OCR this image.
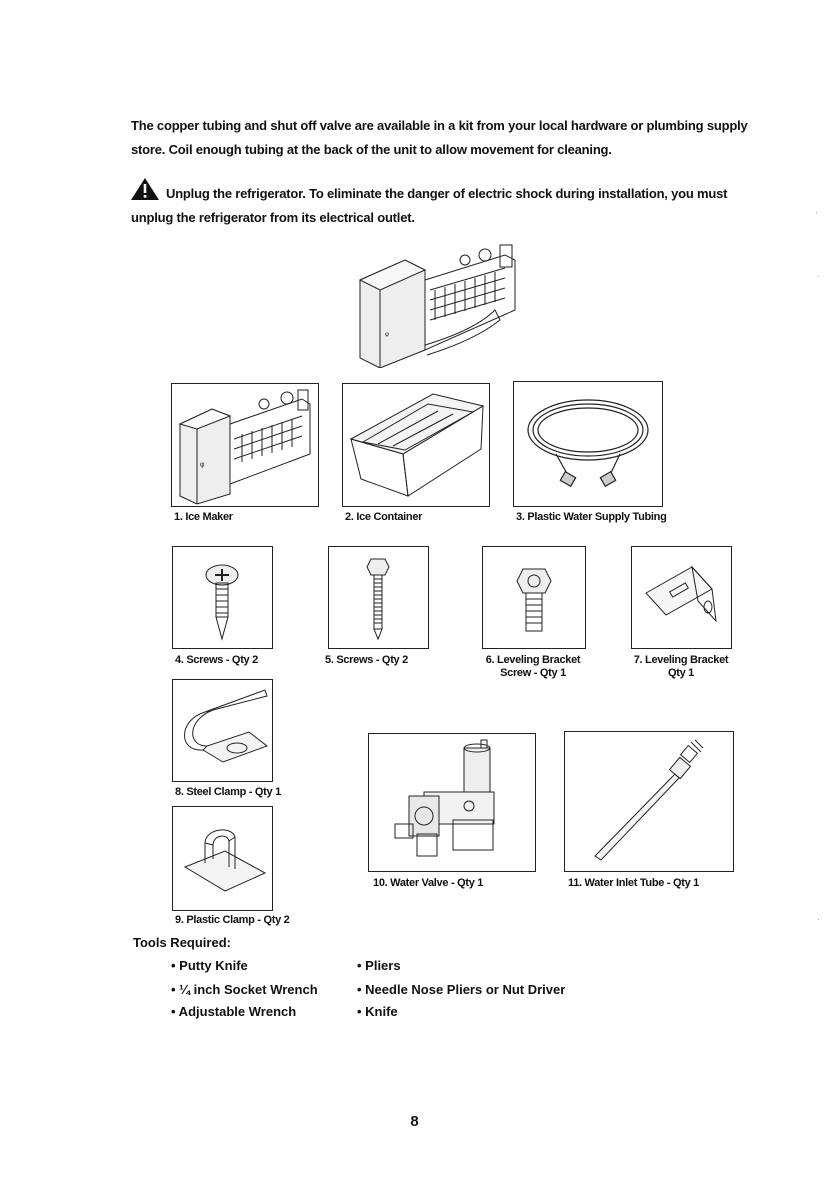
The copper tubing and shut off valve are available in a kit from your local hardware or plumbing supply store. Coil enough tubing at the back of the unit to allow movement for cleaning.
Unplug the refrigerator. To eliminate the danger of electric shock during installation, you must unplug the refrigerator from its electrical outlet.
ᵠ
ᵠ
1. Ice Maker	2. Ice Container	3. Plastic Water Supply Tubing
4. Screws - Qty 2	5. Screws - Qty 2	6. Leveling Bracket
Screw - Qty 1
7. Leveling Bracket
Qty 1
8. Steel Clamp - Qty 1
9. Plastic Clamp - Qty 2
10. Water Valve - Qty 1	11. Water Inlet Tube - Qty 1
Tools Required:
• Putty Knife
• ¼ inch Socket Wrench
• Adjustable Wrench
• Pliers
• Needle Nose Pliers or Nut Driver
• Knife
8
·
·
·
